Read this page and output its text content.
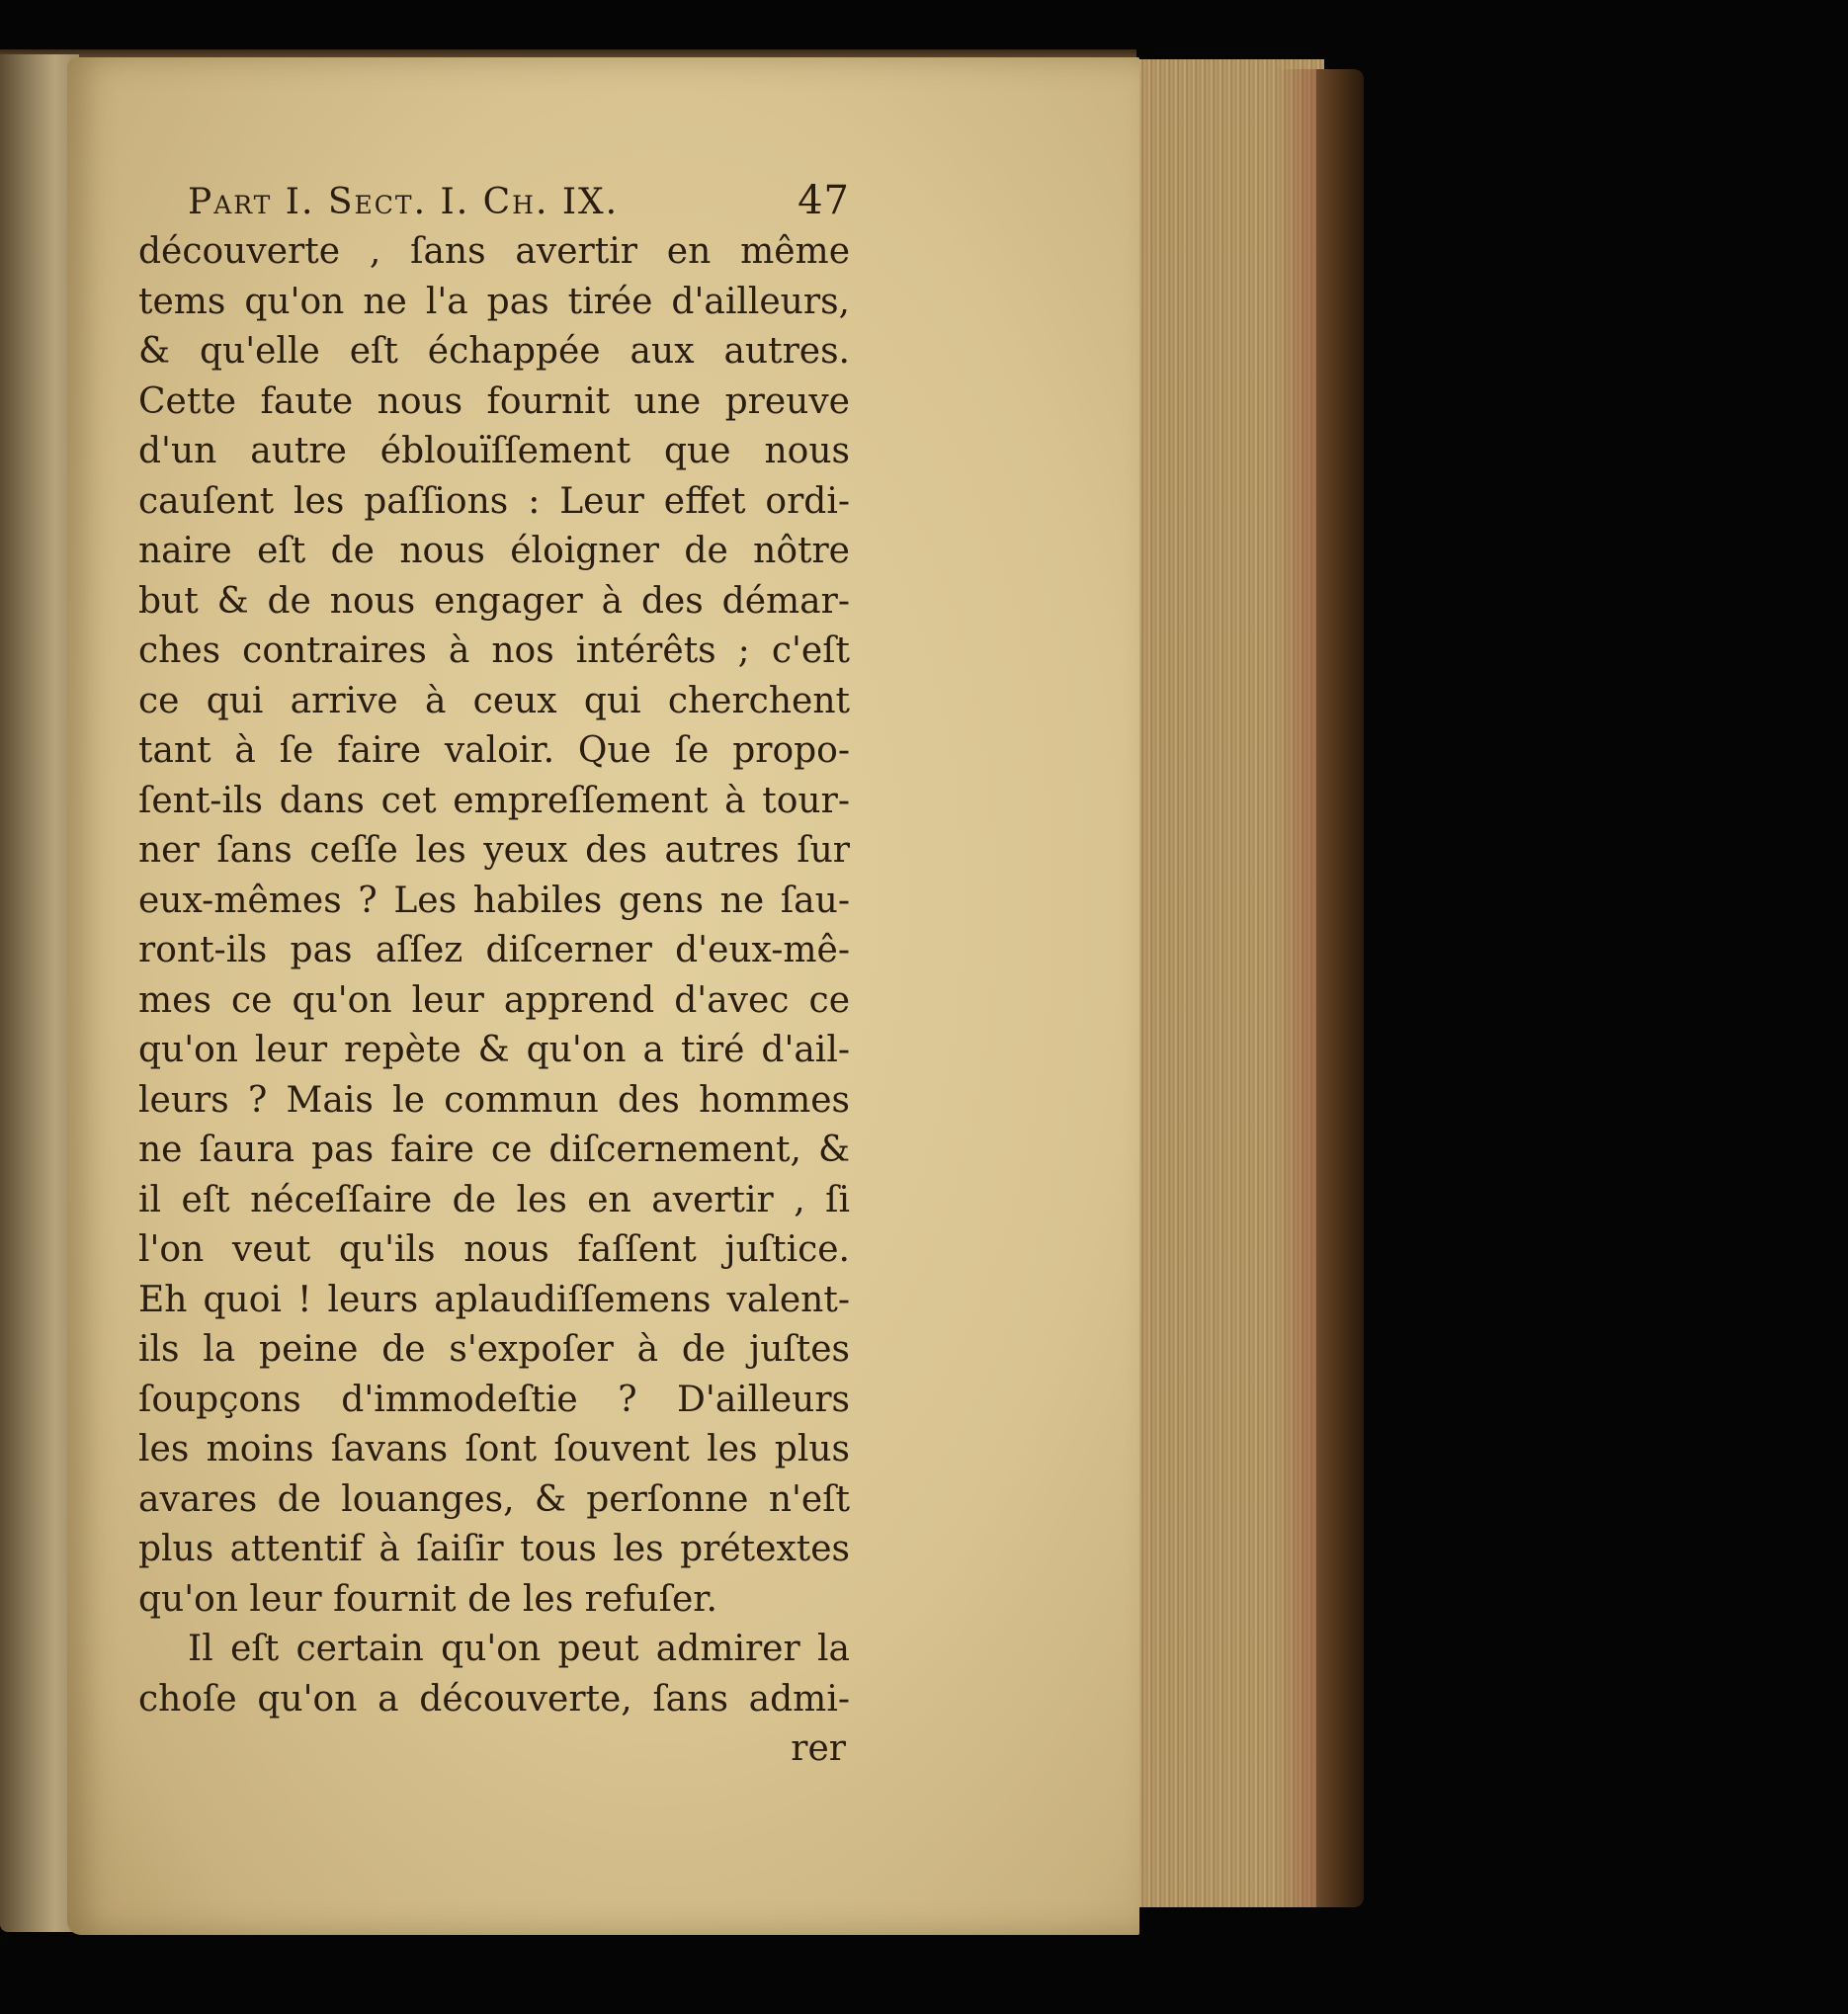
Part I. Sect. I. Ch. IX.	47
découverte , ſans avertir en même
tems qu'on ne l'a pas tirée d'ailleurs,
& qu'elle eſt échappée aux autres.
Cette faute nous fournit une preuve
d'un autre éblouïſſement que nous
cauſent les paſſions : Leur effet ordi-
naire eſt de nous éloigner de nôtre
but & de nous engager à des démar-
ches contraires à nos intérêts ; c'eſt
ce qui arrive à ceux qui cherchent
tant à ſe faire valoir. Que ſe propo-
ſent-ils dans cet empreſſement à tour-
ner ſans ceſſe les yeux des autres ſur
eux-mêmes ? Les habiles gens ne ſau-
ront-ils pas aſſez diſcerner d'eux-mê-
mes ce qu'on leur apprend d'avec ce
qu'on leur repète & qu'on a tiré d'ail-
leurs ? Mais le commun des hommes
ne ſaura pas faire ce diſcernement, &
il eſt néceſſaire de les en avertir , ſi
l'on veut qu'ils nous faſſent juſtice.
Eh quoi ! leurs aplaudiſſemens valent-
ils la peine de s'expoſer à de juſtes
ſoupçons d'immodeſtie ? D'ailleurs
les moins ſavans ſont ſouvent les plus
avares de louanges, & perſonne n'eſt
plus attentif à ſaiſir tous les prétextes
qu'on leur fournit de les refuſer.
Il eſt certain qu'on peut admirer la
choſe qu'on a découverte, ſans admi-
rer
